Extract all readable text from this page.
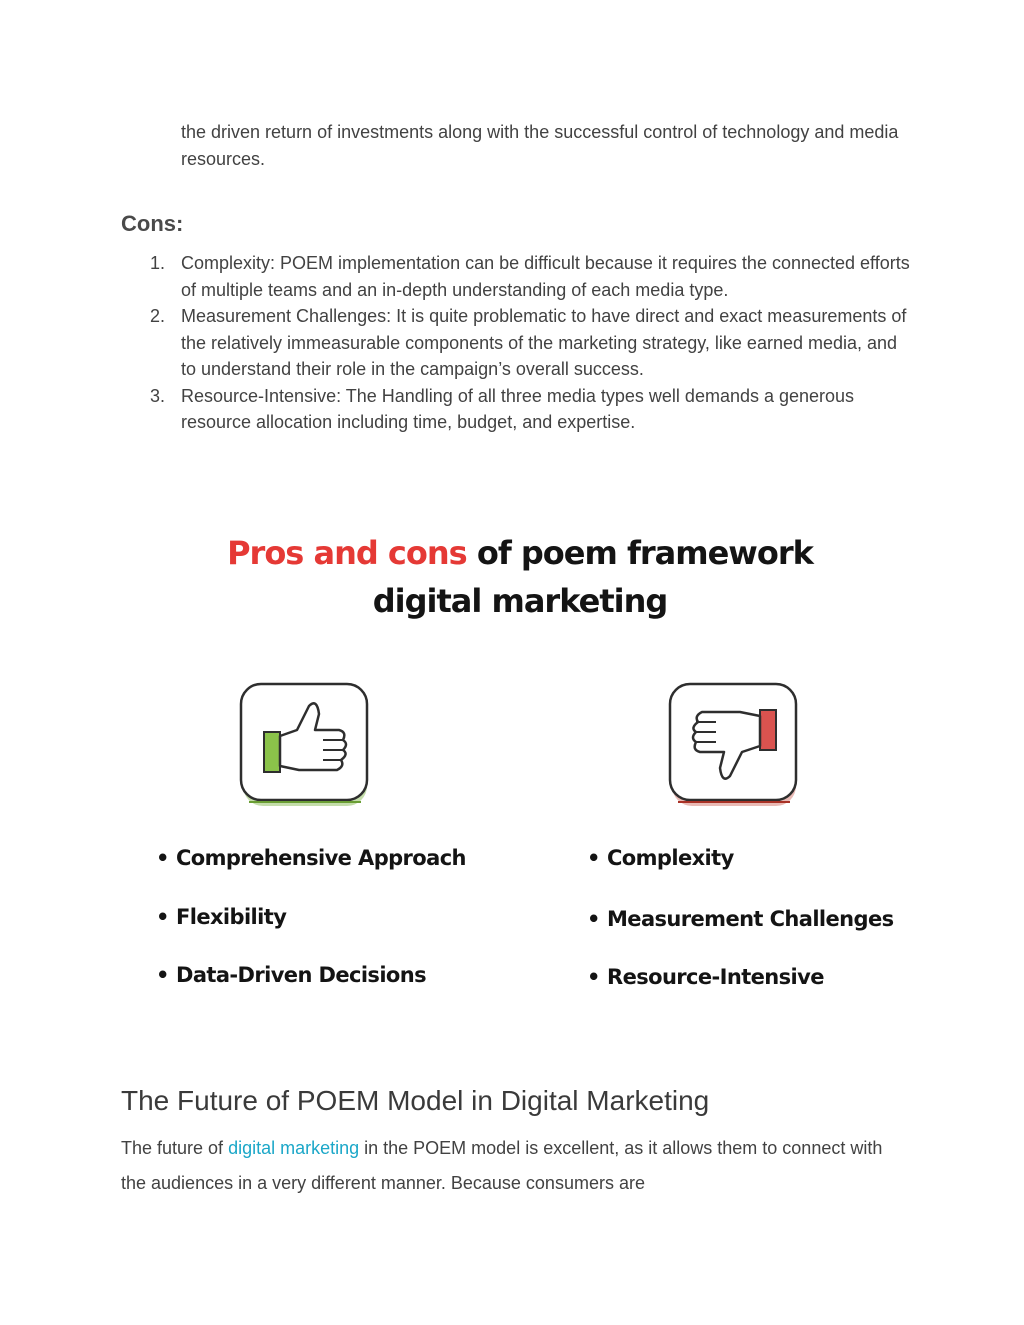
the driven return of investments along with the successful control of technology and media resources.

Cons:
1. Complexity: POEM implementation can be difficult because it requires the connected efforts of multiple teams and an in-depth understanding of each media type.
2. Measurement Challenges: It is quite problematic to have direct and exact measurements of the relatively immeasurable components of the marketing strategy, like earned media, and to understand their role in the campaign’s overall success.
3. Resource-Intensive: The Handling of all three media types well demands a generous resource allocation including time, budget, and expertise.
Pros and cons of poem framework
digital marketing
• Comprehensive Approach
• Flexibility
• Data-Driven Decisions
• Complexity
• Measurement Challenges
• Resource-Intensive
The Future of POEM Model in Digital Marketing

The future of digital marketing in the POEM model is excellent, as it allows them to connect with the audiences in a very different manner. Because consumers are
